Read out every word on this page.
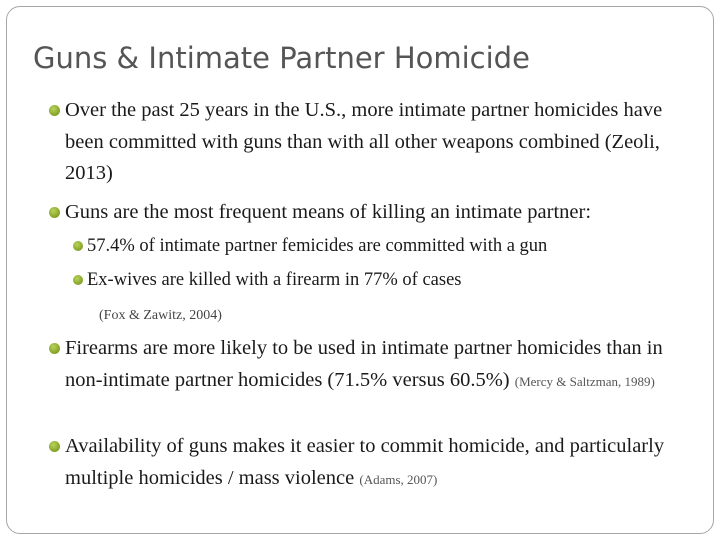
Guns & Intimate Partner Homicide

Over the past 25 years in the U.S., more intimate partner homicides have been committed with guns than with all other weapons combined (Zeoli, 2013)

Guns are the most frequent means of killing an intimate partner:

57.4% of intimate partner femicides are committed with a gun

Ex-wives are killed with a firearm in 77% of cases

(Fox & Zawitz, 2004)

Firearms are more likely to be used in intimate partner homicides than in non-intimate partner homicides (71.5% versus 60.5%) (Mercy & Saltzman, 1989)

Availability of guns makes it easier to commit homicide, and particularly multiple homicides / mass violence (Adams, 2007)
